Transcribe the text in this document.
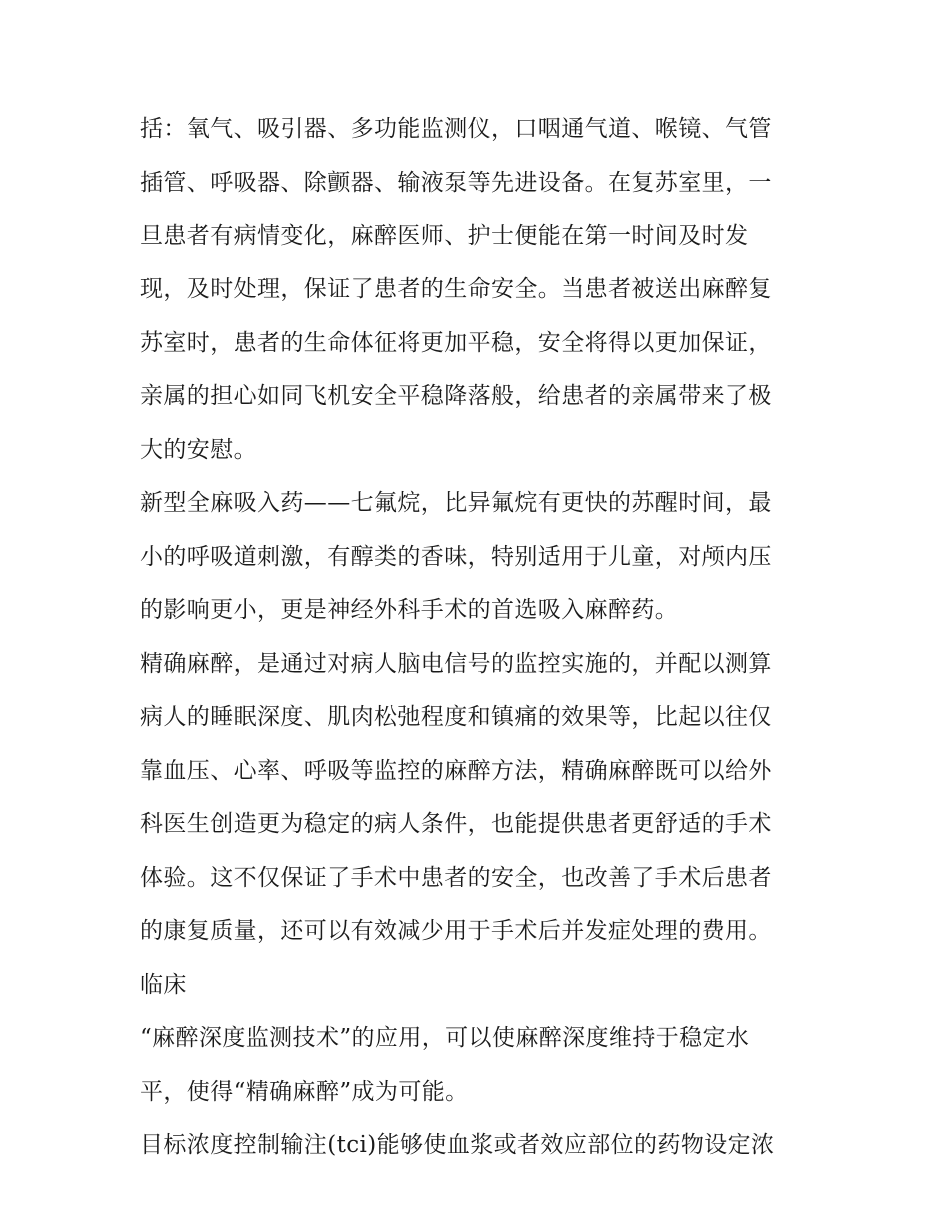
括：氧气、吸引器、多功能监测仪，口咽通气道、喉镜、气管
插管、呼吸器、除颤器、输液泵等先进设备。在复苏室里，一
旦患者有病情变化，麻醉医师、护士便能在第一时间及时发
现，及时处理，保证了患者的生命安全。当患者被送出麻醉复
苏室时，患者的生命体征将更加平稳，安全将得以更加保证，
亲属的担心如同飞机安全平稳降落般，给患者的亲属带来了极
大的安慰。
新型全麻吸入药——七氟烷，比异氟烷有更快的苏醒时间，最
小的呼吸道刺激，有醇类的香味，特别适用于儿童，对颅内压
的影响更小，更是神经外科手术的首选吸入麻醉药。
精确麻醉，是通过对病人脑电信号的监控实施的，并配以测算
病人的睡眠深度、肌肉松弛程度和镇痛的效果等，比起以往仅
靠血压、心率、呼吸等监控的麻醉方法，精确麻醉既可以给外
科医生创造更为稳定的病人条件，也能提供患者更舒适的手术
体验。这不仅保证了手术中患者的安全，也改善了手术后患者
的康复质量，还可以有效减少用于手术后并发症处理的费用。
临床
“麻醉深度监测技术”的应用，可以使麻醉深度维持于稳定水
平，使得“精确麻醉”成为可能。
目标浓度控制输注(tci)能够使血浆或者效应部位的药物设定浓
